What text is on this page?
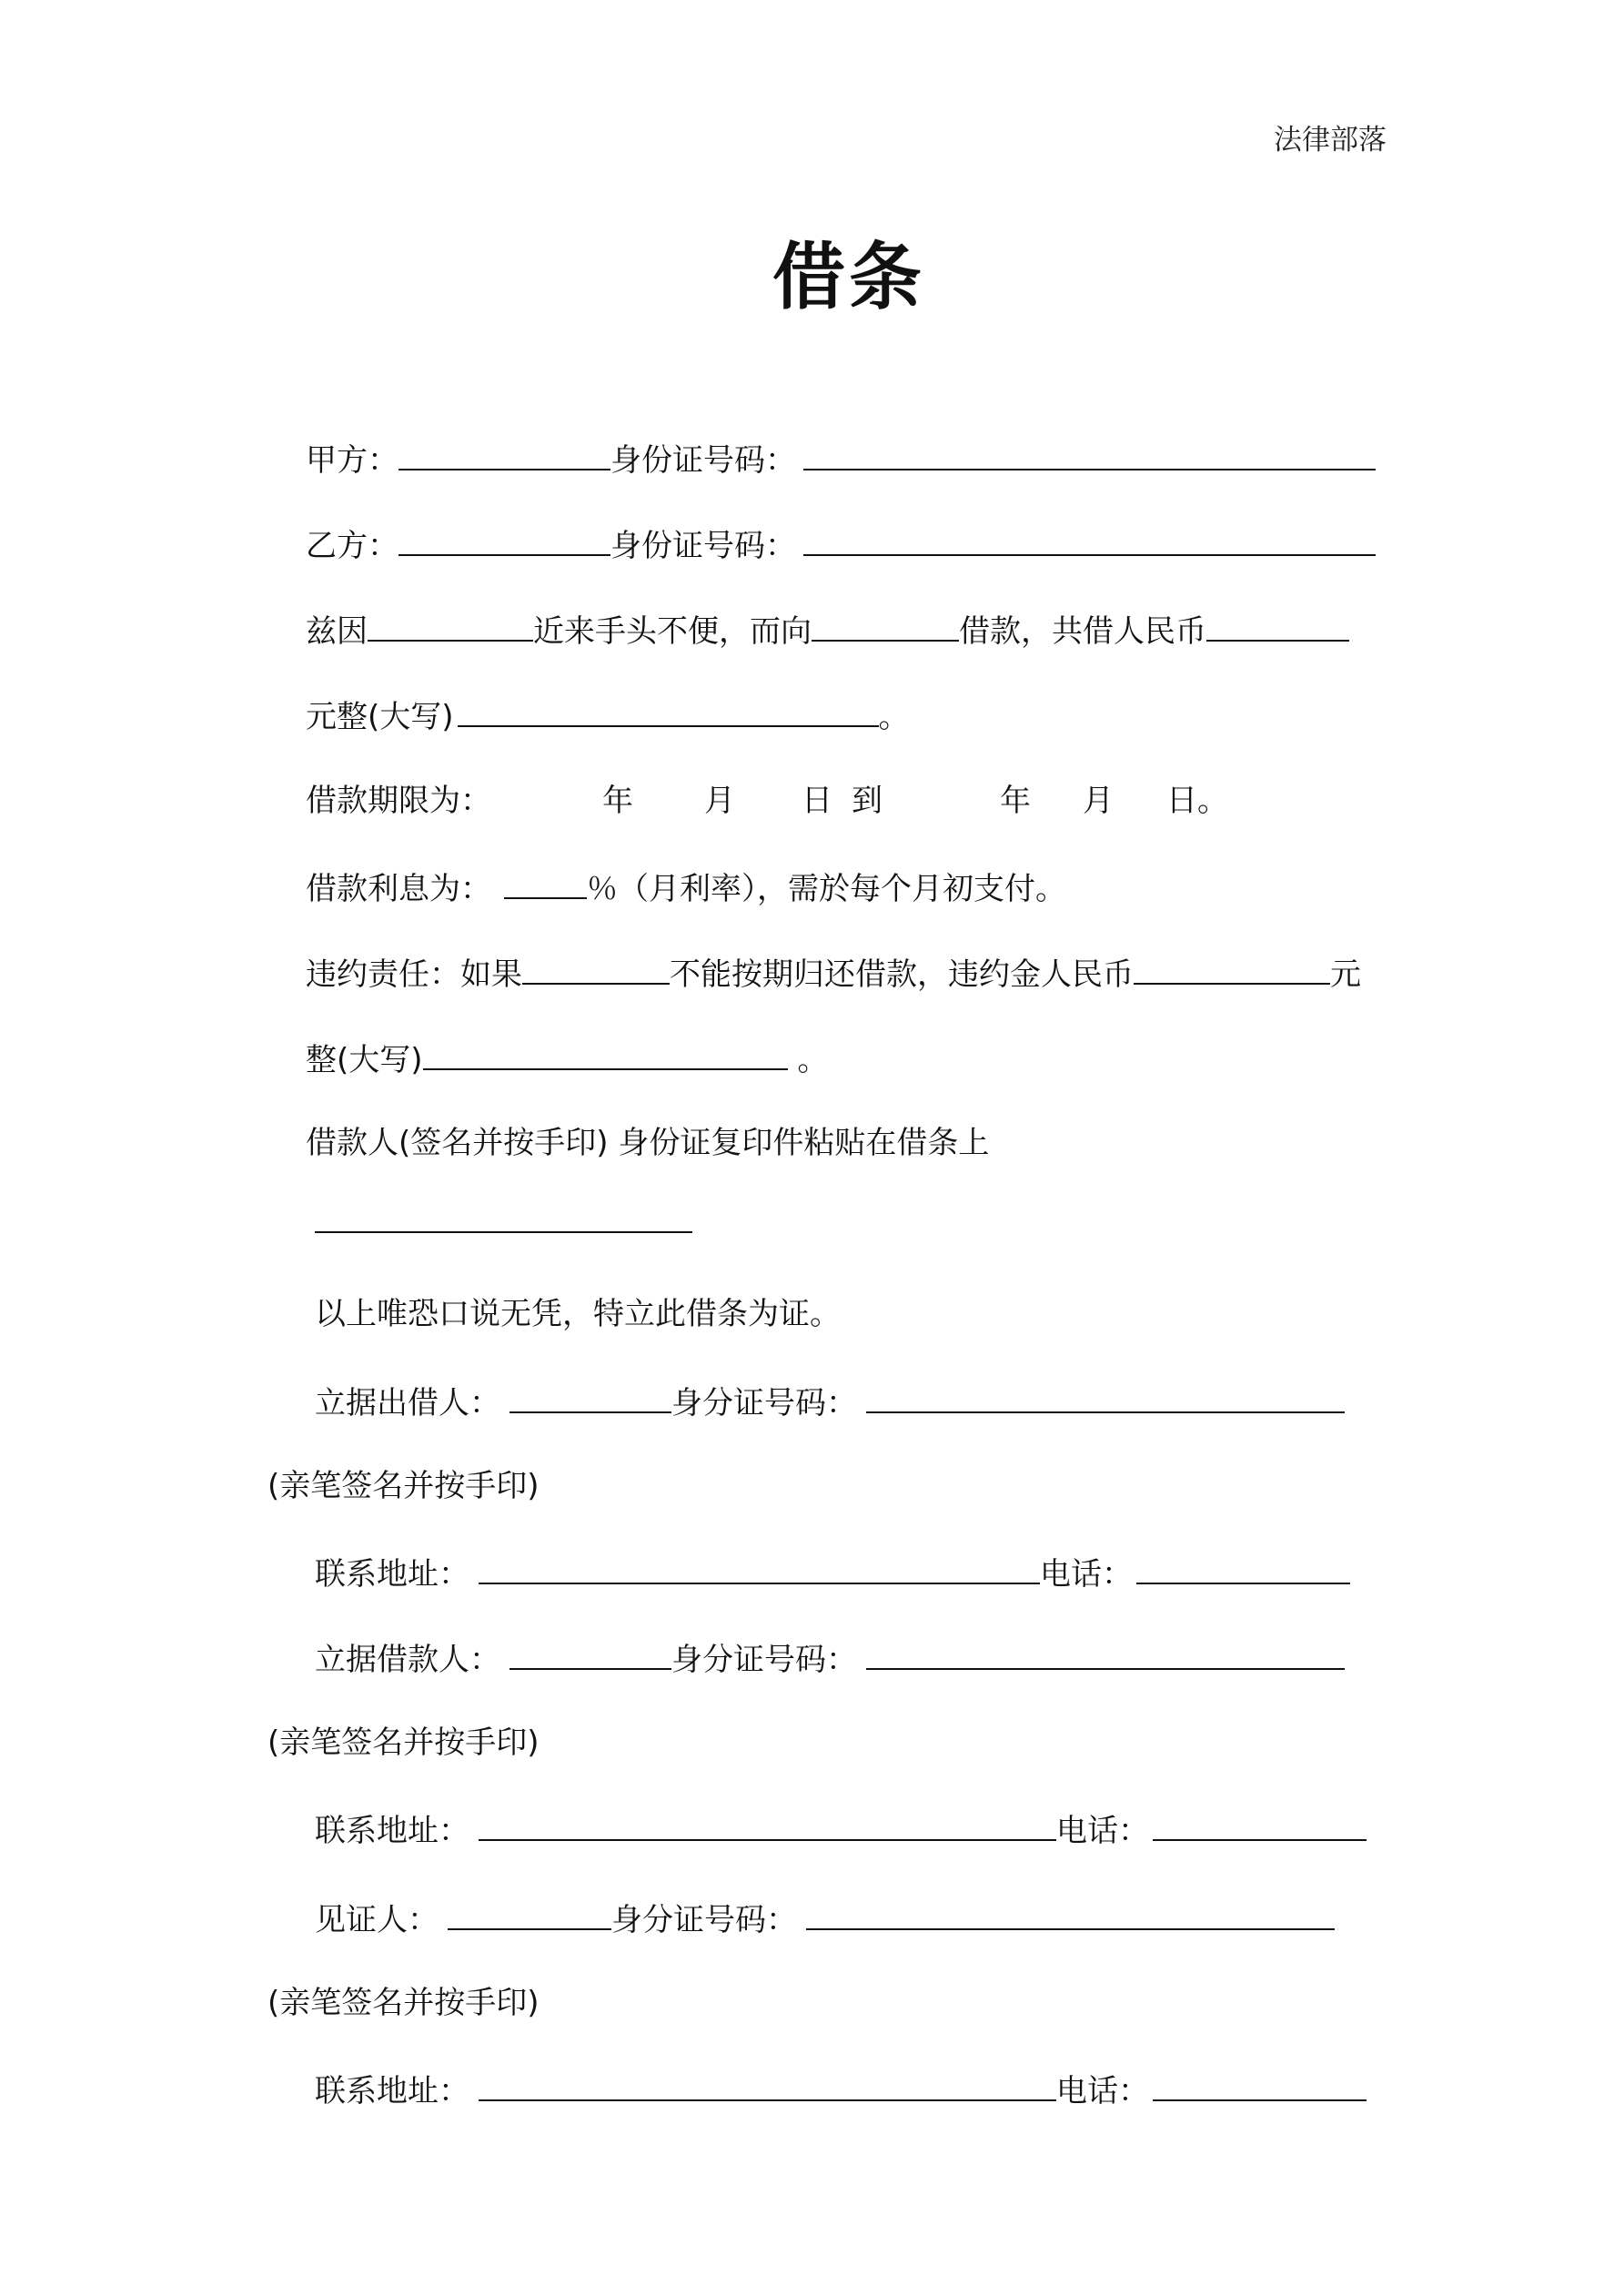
法律部落
借条
甲方：	身份证号码：
乙方：	身份证号码：
兹因	近来手头不便，而向	借款，共借人民币
元整(大写)	。
借款期限为：	年 月 日 到	年 月 日。
借款利息为：	％（月利率），需於每个月初支付。
违约责任：如果	不能按期归还借款，违约金人民币	元
整(大写)	。
借款人(签名并按手印) 身份证复印件粘贴在借条上
以上唯恐口说无凭，特立此借条为证。
立据出借人：	身分证号码：
(亲笔签名并按手印)
联系地址：	电话：
立据借款人：	身分证号码：
(亲笔签名并按手印)
联系地址：	电话：
见证人：	身分证号码：
(亲笔签名并按手印)
联系地址：	电话：
